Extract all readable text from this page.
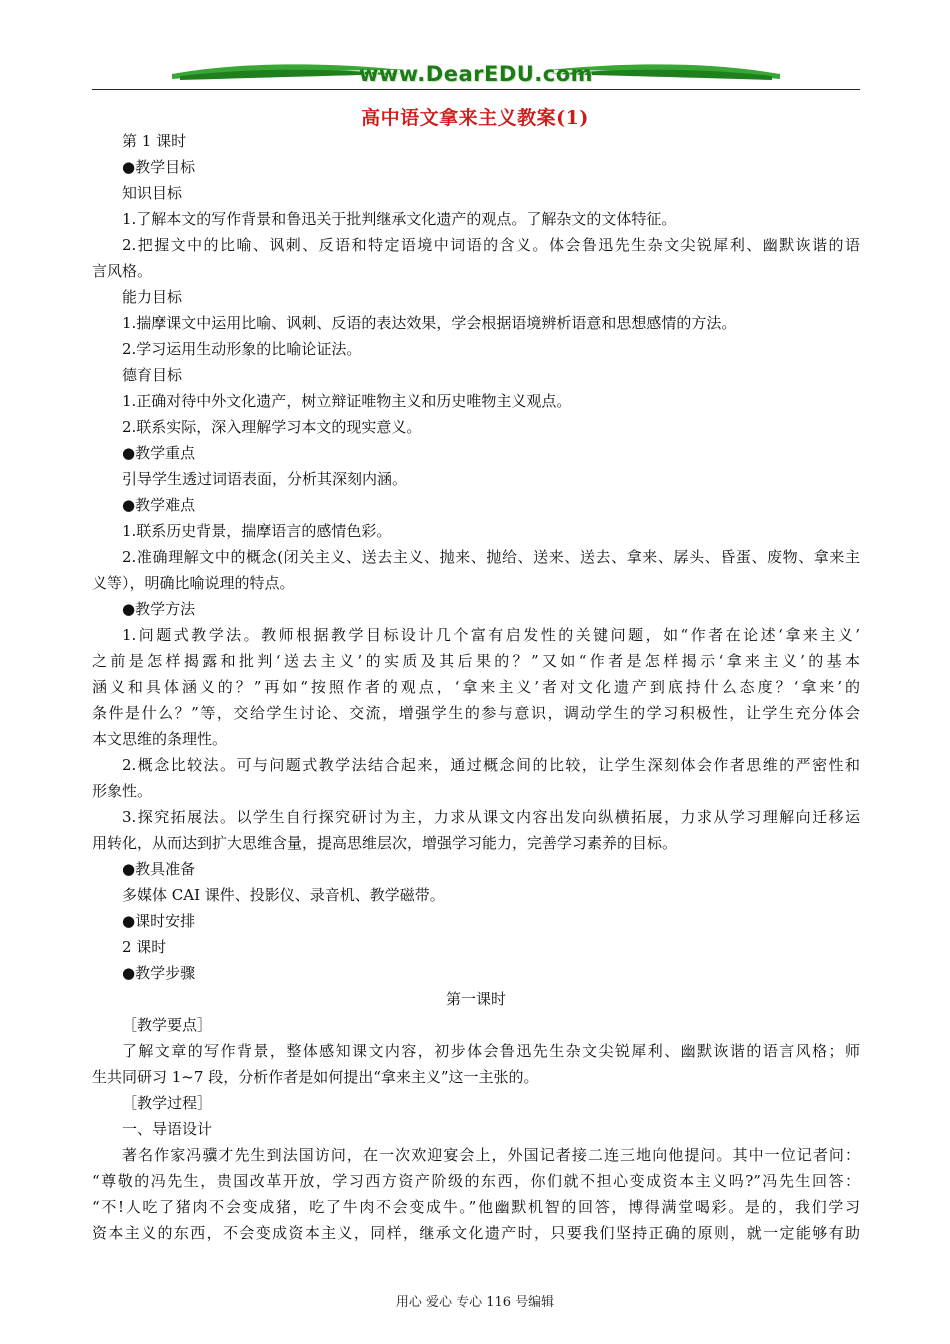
www.DearEDU.com
高中语文拿来主义教案(1)
第 1 课时
●教学目标
知识目标
1.了解本文的写作背景和鲁迅关于批判继承文化遗产的观点。了解杂文的文体特征。
2.把握文中的比喻、讽刺、反语和特定语境中词语的含义。体会鲁迅先生杂文尖锐犀利、幽默诙谐的语
言风格。
能力目标
1.揣摩课文中运用比喻、讽刺、反语的表达效果，学会根据语境辨析语意和思想感情的方法。
2.学习运用生动形象的比喻论证法。
德育目标
1.正确对待中外文化遗产，树立辩证唯物主义和历史唯物主义观点。
2.联系实际，深入理解学习本文的现实意义。
●教学重点
引导学生透过词语表面，分析其深刻内涵。
●教学难点
1.联系历史背景，揣摩语言的感情色彩。
2.准确理解文中的概念(闭关主义、送去主义、抛来、抛给、送来、送去、拿来、孱头、昏蛋、废物、拿来主
义等），明确比喻说理的特点。
●教学方法
1.问题式教学法。教师根据教学目标设计几个富有启发性的关键问题，如“作者在论述‘拿来主义’
之前是怎样揭露和批判‘送去主义’的实质及其后果的？”又如“作者是怎样揭示‘拿来主义’的基本
涵义和具体涵义的？”再如“按照作者的观点，‘拿来主义’者对文化遗产到底持什么态度？‘拿来’的
条件是什么？”等，交给学生讨论、交流，增强学生的参与意识，调动学生的学习积极性，让学生充分体会
本文思维的条理性。
2.概念比较法。可与问题式教学法结合起来，通过概念间的比较，让学生深刻体会作者思维的严密性和
形象性。
3.探究拓展法。以学生自行探究研讨为主，力求从课文内容出发向纵横拓展，力求从学习理解向迁移运
用转化，从而达到扩大思维含量，提高思维层次，增强学习能力，完善学习素养的目标。
●教具准备
多媒体 CAI 课件、投影仪、录音机、教学磁带。
●课时安排
2 课时
●教学步骤
第一课时
［教学要点］
了解文章的写作背景，整体感知课文内容，初步体会鲁迅先生杂文尖锐犀利、幽默诙谐的语言风格；师
生共同研习 1~7 段，分析作者是如何提出“拿来主义”这一主张的。
［教学过程］
一、导语设计
著名作家冯骥才先生到法国访问，在一次欢迎宴会上，外国记者接二连三地向他提问。其中一位记者问：
“尊敬的冯先生，贵国改革开放，学习西方资产阶级的东西，你们就不担心变成资本主义吗?”冯先生回答：
“不!人吃了猪肉不会变成猪，吃了牛肉不会变成牛。”他幽默机智的回答，博得满堂喝彩。是的，我们学习
资本主义的东西，不会变成资本主义，同样，继承文化遗产时，只要我们坚持正确的原则，就一定能够有助
用心 爱心 专心 116 号编辑
